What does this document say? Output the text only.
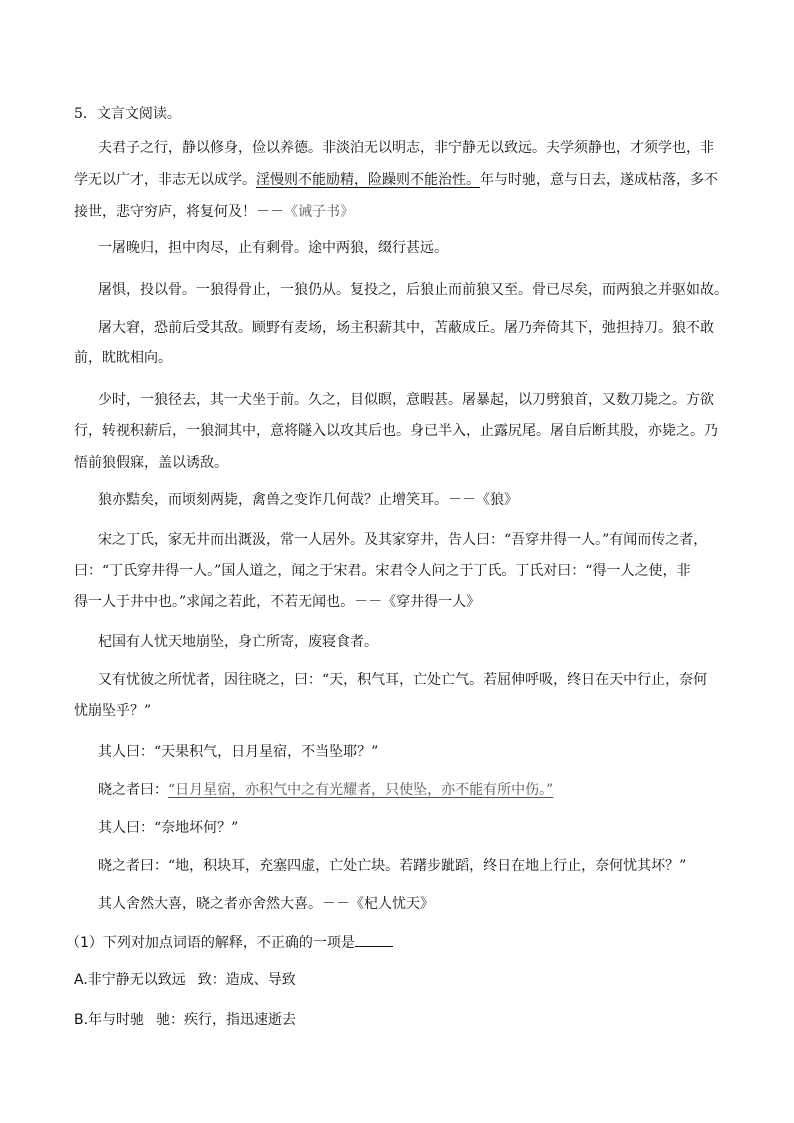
5．文言文阅读。
夫君子之行，静以修身，俭以养德。非淡泊无以明志，非宁静无以致远。夫学须静也，才须学也，非
学无以广才，非志无以成学。淫慢则不能励精，险躁则不能治性。年与时驰，意与日去，遂成枯落，多不
接世，悲守穷庐，将复何及！－－《诫子书》
一屠晚归，担中肉尽，止有剩骨。途中两狼，缀行甚远。
屠惧，投以骨。一狼得骨止，一狼仍从。复投之，后狼止而前狼又至。骨已尽矣，而两狼之并驱如故。
屠大窘，恐前后受其敌。顾野有麦场，场主积薪其中，苫蔽成丘。屠乃奔倚其下，弛担持刀。狼不敢
前，眈眈相向。
少时，一狼径去，其一犬坐于前。久之，目似瞑，意暇甚。屠暴起，以刀劈狼首，又数刀毙之。方欲
行，转视积薪后，一狼洞其中，意将隧入以攻其后也。身已半入，止露尻尾。屠自后断其股，亦毙之。乃
悟前狼假寐，盖以诱敌。
狼亦黠矣，而顷刻两毙，禽兽之变诈几何哉？止增笑耳。－－《狼》
宋之丁氏，家无井而出溉汲，常一人居外。及其家穿井，告人曰：“吾穿井得一人。”有闻而传之者，
曰：“丁氏穿井得一人。”国人道之，闻之于宋君。宋君令人问之于丁氏。丁氏对曰：“得一人之使，非
得一人于井中也。”求闻之若此，不若无闻也。－－《穿井得一人》
杞国有人忧天地崩坠，身亡所寄，废寝食者。
又有忧彼之所忧者，因往晓之，曰：“天，积气耳，亡处亡气。若屈伸呼吸，终日在天中行止，奈何
忧崩坠乎？”
其人曰：“天果积气，日月星宿，不当坠耶？”
晓之者曰：“日月星宿，亦积气中之有光耀者，只使坠，亦不能有所中伤。”
其人曰：“奈地坏何？”
晓之者曰：“地，积块耳，充塞四虚，亡处亡块。若躇步跐蹈，终日在地上行止，奈何忧其坏？”
其人舍然大喜，晓之者亦舍然大喜。－－《杞人忧天》
（1）下列对加点词语的解释，不正确的一项是
A.非宁静无以致远 致：造成、导致
B.年与时驰 驰：疾行，指迅速逝去
